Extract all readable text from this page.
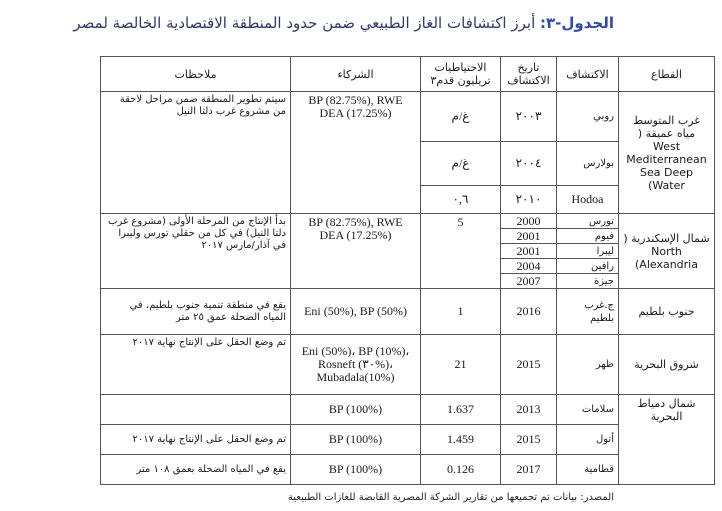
الجدول-٣: أبرز اكتشافات الغاز الطبيعي ضمن حدود المنطقة الاقتصادية الخالصة لمصر
القطاع	الاكتشاف	تاريخ الاكتشاف	الاحتياطيات تريليون قدم٣	الشركاء	ملاحظات
غرب المتوسط مياه عميقة ( West Mediterranean Sea Deep (Water	روبي	٢٠٠٣	غ/م	BP (82.75%), RWE DEA (17.25%)	سيتم تطوير المنطقة ضمن مراحل لاحقة من مشروع غرب دلتا النيل
	بولارس	٢٠٠٤	غ/م		
	Hodoa	٢٠١٠	٠,٦		
شمال الإسكندرية ( North Alexandria)	تورس	2000	5	BP (82.75%), RWE DEA (17.25%)	بدأ الإنتاج من المرحلة الأولى (مشروع غرب دلتا النيل) في كل من حقلي تورس وليبرا في آذار/مارس ٢٠١٧
	فيوم	2001			
	ليبرا	2001			
	رافين	2004			
	جيزة	2007			
جنوب بلطيم	ج.غرب بلطيم	2016	1	Eni (50%), BP (50%)	يقع في منطقة تنمية جنوب بلطيم، في المياه الضحلة عمق ٢٥ متر
شروق البحرية	ظهر	2015	21	Eni (50%)، BP (10%)، Rosneft (٣٠%)، Mubadala(10%)	تم وضع الحقل على الإنتاج نهاية ٢٠١٧
شمال دمياط البحرية	سلامات	2013	1.637	BP (100%)	
	أتول	2015	1.459	BP (100%)	تم وضع الحقل على الإنتاج نهاية ٢٠١٧
	قطامية	2017	0.126	BP (100%)	يقع في المياه الضحلة بعمق ١٠٨ متر
المصدر: بيانات تم تجميعها من تقارير الشركة المصرية القابضة للغازات الطبيعية
